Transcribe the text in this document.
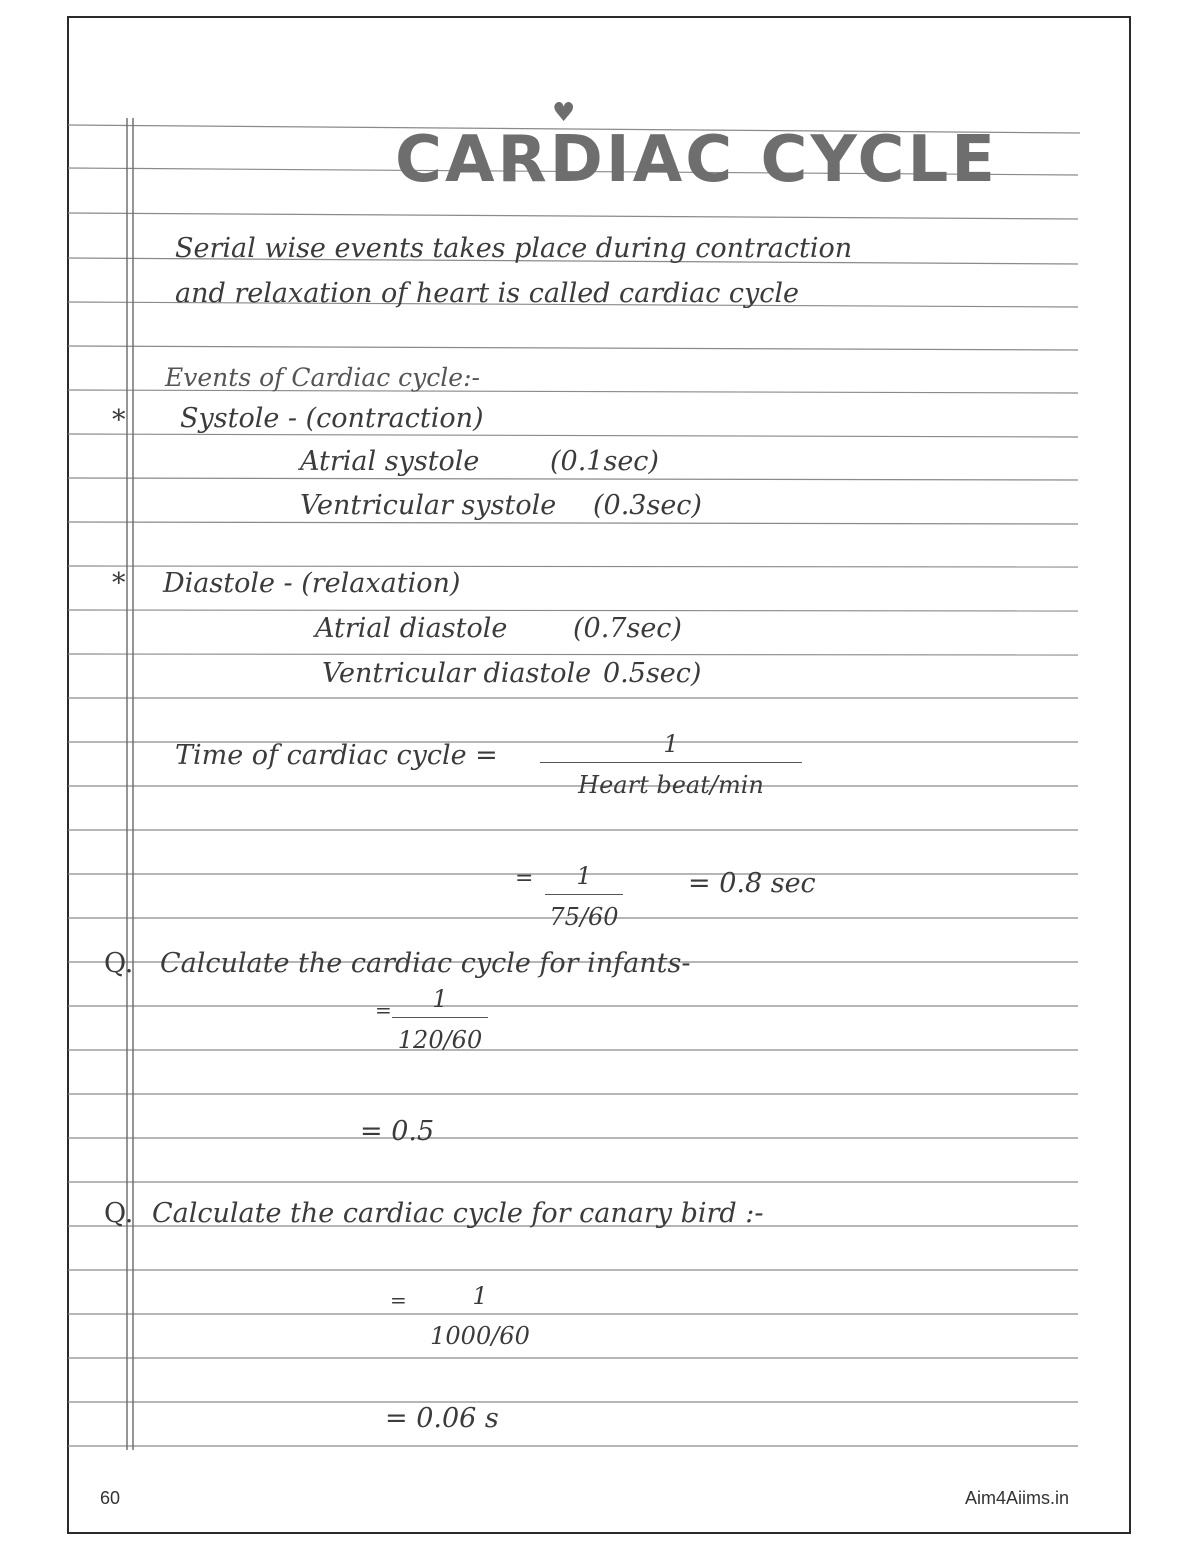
♥
CARDIAC CYCLE
Serial wise events takes place during contraction
and relaxation of heart is called cardiac cycle
Events of Cardiac cycle:-
* Systole - (contraction)
Atrial systole	(0.1sec)
Ventricular systole (0.3sec)
* Diastole - (relaxation)
Atrial diastole (0.7sec)
Ventricular diastole 0.5sec)
Time of cardiac cycle =	1
Heart beat/min
= $\frac{1}{75/60} = 0.8$ sec
Q. Calculate the cardiac cycle for infants-
= $\frac{1}{120/60}$
= 0.5
Q. Calculate the cardiac cycle for canary bird :-
=	1
1000/60
= 0.06 s
60	Aim4Aiims.in
